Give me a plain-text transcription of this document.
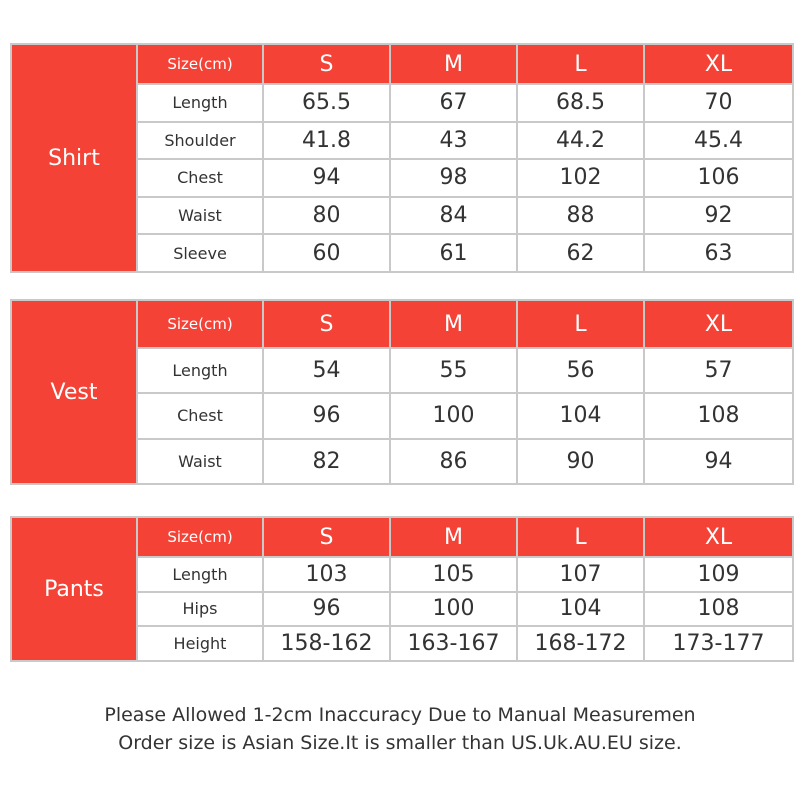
Shirt	Size(cm)	S	M	L	XL
	Length	65.5	67	68.5	70
	Shoulder	41.8	43	44.2	45.4
	Chest	94	98	102	106
	Waist	80	84	88	92
	Sleeve	60	61	62	63
Vest	Size(cm)	S	M	L	XL
	Length	54	55	56	57
	Chest	96	100	104	108
	Waist	82	86	90	94
Pants	Size(cm)	S	M	L	XL
	Length	103	105	107	109
	Hips	96	100	104	108
	Height	158-162	163-167	168-172	173-177
Please Allowed 1-2cm Inaccuracy Due to Manual Measuremen
Order size is Asian Size.It is smaller than US.Uk.AU.EU size.
